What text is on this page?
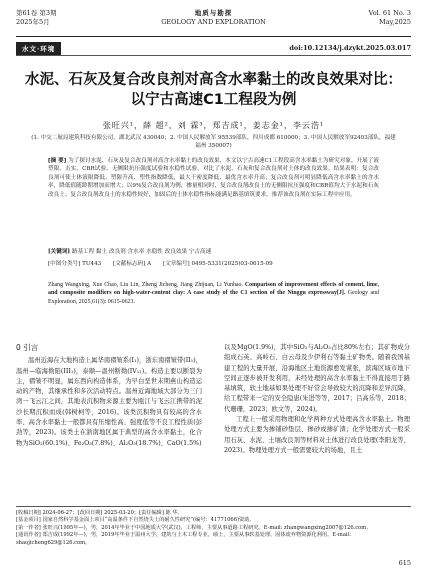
第61卷 第3期
2025年5月
地质与勘探
GEOLOGY AND EXPLORATION
Vol. 61 No. 3
May,2025
水文·环境	doi:10.12134/j.dzykt.2025.03.017
水泥、石灰及复合改良剂对高含水率黏土的改良效果对比：以宁古高速C1工程段为例
张旺兴¹，薛 超²，刘 霖³，郑吉成¹，姜志金¹，李云浩¹
(1. 中交二航局建筑科技有限公司，湖北武汉 430040；2. 中国人民解放军 95539部队，四川成都 610000；3. 中国人民解放军92403部队，福建福州 350007)
[摘 要] 为了探讨水泥、石灰及复合改良剂对高含水率黏土的改良效果，本文以宁古高速C1工程段高含水率黏土为研究对象，开展了液塑限、击实、CBR试验、无侧限抗压强度试验和水稳性试验，对比了水泥、石灰和复合改良剂对土体的改良效果。结果表明：复合改良剂可使土体液限降低、塑限升高、塑性指数降低，最大干密度降低、最优含水率升高；复合改良剂可明显降低高含水率黏土的含水率，降低值随龄期增加而增大；以9%复合改良剂为例，掺量相同时，复合改良剂改良土的无侧限抗压强度和CBR值均大于水泥和石灰改良土；复合改良剂改良土的水稳性较好，加固后的土体水稳性指标能满足路基填筑要求，推荐该改良剂在实际工程中应用。
[关键词] 路基工程 黏土 改良剂 含水率 水稳性 改良效果 宁古高速
[中图分类号] TU443 [文献标志码] A [文章编号] 0495-5331(2025)03-0615-09
Zhang Wangxing, Xue Chao, Liu Lin, Zheng Jicheng, Jiang Zhijuan, Li Yunhao. Comparison of improvement effects of cement, lime, and composite modifiers on high-water-content clay: A case study of the C1 section of the Ninggu expressway[J]. Geology and Exploration, 2025,61(3): 0615-0623.
0 引言

温州近海在大地构造上属华南褶皱系(I₁)，浙东南褶皱带(II₁)，温州—临海拗陷(III₁)，泰顺—温州断拗(IV₁₁)。构造主要以断裂为主，褶皱不明显，属东西向构造体系，为早白垩世末期燕山构造运动的产物，其继承性和多次活动特点。温州近海地域大部分为三门湾一飞云江之间，其地表沉积物来源主要为瓯江与飞云江携带的泥沙长期沉积而成(韩树柯等，2016)。该类沉积物具有较高的含水率、高含水率黏土一般都具有压缩性高、强度低等不良工程性质(彭劲等，2023)。该类土在浙南地区属于典型的高含水率黏土，化合物为SiO₂(60.1%)、Fe₂O₃(7.8%)、Al₂O₃(18.7%)、CaO(1.5%)

以及MgO(1.9%)，其中SiO₂与Al₂O₃占比80%左右；其矿物成分组成石英、高岭石、白云母及少伊利石等黏土矿物类。随着我国基建工程的大量开展，沿海地区土地资源愈发紧张，滨海区域市地下空间正逐步被开发利用，未经处理的高含水率黏土不得直接用于路基填筑，软土地基如果处理不好常会导致较大的沉降和差异沉降，给工程带来一定的安全隐患(朱进等等，2017；吕高乐等，2018；代珊珊，2023；欧文等，2024)。

工程上一般采用物理和化学两种方式处理高含水率黏土。物理处理方式主要为掺铺砂垫层、掺砂或掺矿渣；化学处理方式一般采用石灰、水泥、土壤改良剂等材料对土体进行改良处理(李阳龙等，2023)。物理处理方式一般需要较大的场地，且土

[收稿日期] 2024-06-27；[改回日期] 2025-03-20；[责任编辑] 陈 华。
[基金项目] 国家自然科学基金面上项目“高温条件下自然烧失土的耐久性研究”(编号：41771066)资助。
[第一作者] 张旺兴(1995年—)，男，2014年毕业于中国地质大学(武汉)，工程师，主要从事道路工程研究。E-mail: zhangwangxing2007@126.com。
[通讯作者] 郑吉成(1992年—)，男，2019年毕业于温州大学，建筑与土木工程专业，硕士，主要从事软基处理、固体废弃物资源化利用。E-mail: shaojicheng629@126.com。
615
